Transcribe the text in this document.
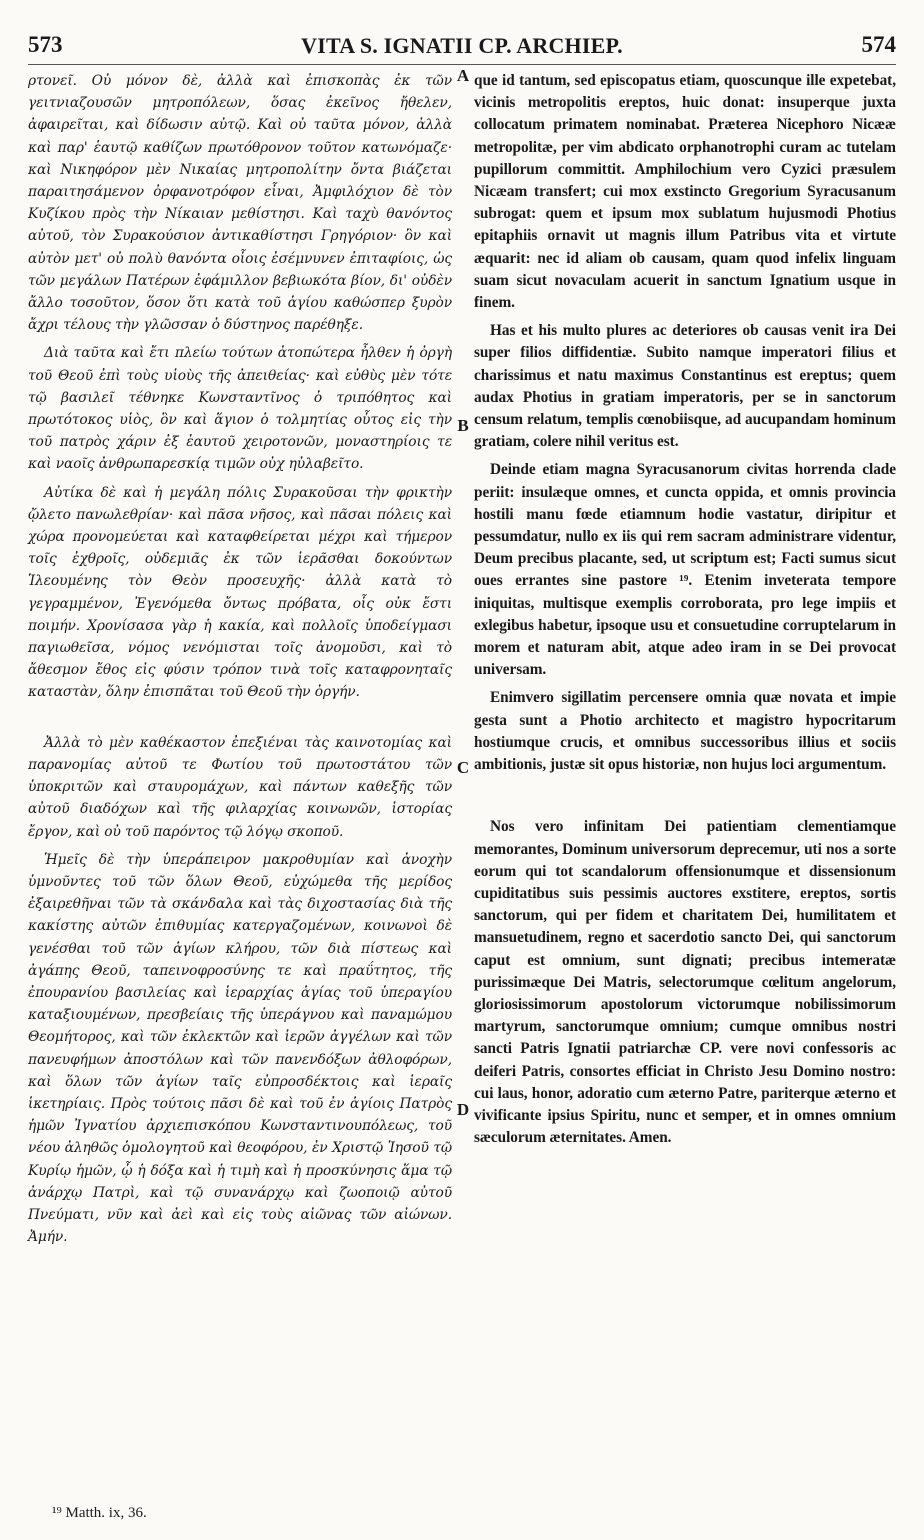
573	VITA S. IGNATII CP. ARCHIEP.	574

ρτονεῖ. Οὐ μόνον δὲ, ἀλλὰ καὶ ἐπισκοπὰς ἐκ τῶν γειτνιαζουσῶν μητροπόλεων, ὅσας ἐκεῖνος ἤθελεν, ἀφαιρεῖται, καὶ δίδωσιν αὐτῷ. Καὶ οὐ ταῦτα μόνον, ἀλλὰ καὶ παρ' ἑαυτῷ καθίζων πρωτόθρονον τοῦτον κατωνόμαζε· καὶ Νικηφόρον μὲν Νικαίας μητροπολίτην ὄντα βιάζεται παραιτησάμενον ὀρφανοτρόφον εἶναι, Ἀμφιλόχιον δὲ τὸν Κυζίκου πρὸς τὴν Νίκαιαν μεθίστησι. Καὶ ταχὺ θανόντος αὐτοῦ, τὸν Συρακούσιον ἀντικαθίστησι Γρηγόριον· ὃν καὶ αὐτὸν μετ' οὐ πολὺ θανόντα οἷοις ἐσέμνυνεν ἐπιταφίοις, ὡς τῶν μεγάλων Πατέρων ἐφάμιλλον βεβιωκότα βίον, δι' οὐδὲν ἄλλο τοσοῦτον, ὅσον ὅτι κατὰ τοῦ ἁγίου καθώσπερ ξυρὸν ἄχρι τέλους τὴν γλῶσσαν ὁ δύστηνος παρέθηξε.

Διὰ ταῦτα καὶ ἔτι πλείω τούτων ἀτοπώτερα ἦλθεν ἡ ὀργὴ τοῦ Θεοῦ ἐπὶ τοὺς υἱοὺς τῆς ἀπειθείας· καὶ εὐθὺς μὲν τότε τῷ βασιλεῖ τέθνηκε Κωνσταντῖνος ὁ τριπόθητος καὶ πρωτότοκος υἱὸς, ὃν καὶ ἅγιον ὁ τολμητίας οὗτος εἰς τὴν τοῦ πατρὸς χάριν ἐξ ἑαυτοῦ χειροτονῶν, μοναστηρίοις τε καὶ ναοῖς ἀνθρωπαρεσκίᾳ τιμῶν οὐχ ηὐλαβεῖτο.

Αὐτίκα δὲ καὶ ἡ μεγάλη πόλις Συρακοῦσαι τὴν φρικτὴν ᾤλετο πανωλεθρίαν· καὶ πᾶσα νῆσος, καὶ πᾶσαι πόλεις καὶ χώρα προνομεύεται καὶ καταφθείρεται μέχρι καὶ τήμερον τοῖς ἐχθροῖς, οὐδεμιᾶς ἐκ τῶν ἱερᾶσθαι δοκούντων Ἱλεουμένης τὸν Θεὸν προσευχῆς· ἀλλὰ κατὰ τὸ γεγραμμένον, Ἐγενόμεθα ὄντως πρόβατα, οἷς οὐκ ἔστι ποιμήν. Χρονίσασα γὰρ ἡ κακία, καὶ πολλοῖς ὑποδείγμασι παγιωθεῖσα, νόμος νενόμισται τοῖς ἀνομοῦσι, καὶ τὸ ἄθεσμον ἔθος εἰς φύσιν τρόπον τινὰ τοῖς καταφρονηταῖς καταστὰν, ὅλην ἐπισπᾶται τοῦ Θεοῦ τὴν ὀργήν.

Ἀλλὰ τὸ μὲν καθέκαστον ἐπεξιέναι τὰς καινοτομίας καὶ παρανομίας αὐτοῦ τε Φωτίου τοῦ πρωτοστάτου τῶν ὑποκριτῶν καὶ σταυρομάχων, καὶ πάντων καθεξῆς τῶν αὐτοῦ διαδόχων καὶ τῆς φιλαρχίας κοινωνῶν, ἱστορίας ἔργον, καὶ οὐ τοῦ παρόντος τῷ λόγῳ σκοποῦ.

Ἡμεῖς δὲ τὴν ὑπεράπειρον μακροθυμίαν καὶ ἀνοχὴν ὑμνοῦντες τοῦ τῶν ὅλων Θεοῦ, εὐχώμεθα τῆς μερίδος ἐξαιρεθῆναι τῶν τὰ σκάνδαλα καὶ τὰς διχοστασίας διὰ τῆς κακίστης αὐτῶν ἐπιθυμίας κατεργαζομένων, κοινωνοὶ δὲ γενέσθαι τοῦ τῶν ἁγίων κλήρου, τῶν διὰ πίστεως καὶ ἀγάπης Θεοῦ, ταπεινοφροσύνης τε καὶ πραΰτητος, τῆς ἐπουρανίου βασιλείας καὶ ἱεραρχίας ἁγίας τοῦ ὑπεραγίου καταξιουμένων, πρεσβείαις τῆς ὑπεράγνου καὶ παναμώμου Θεομήτορος, καὶ τῶν ἐκλεκτῶν καὶ ἱερῶν ἀγγέλων καὶ τῶν πανευφήμων ἀποστόλων καὶ τῶν πανενδόξων ἀθλοφόρων, καὶ ὅλων τῶν ἁγίων ταῖς εὐπροσδέκτοις καὶ ἱεραῖς ἱκετηρίαις. Πρὸς τούτοις πᾶσι δὲ καὶ τοῦ ἐν ἁγίοις Πατρὸς ἡμῶν Ἰγνατίου ἀρχιεπισκόπου Κωνσταντινουπόλεως, τοῦ νέου ἀληθῶς ὁμολογητοῦ καὶ θεοφόρου, ἐν Χριστῷ Ἰησοῦ τῷ Κυρίῳ ἡμῶν, ᾧ ἡ δόξα καὶ ἡ τιμὴ καὶ ἡ προσκύνησις ἅμα τῷ ἀνάρχῳ Πατρὶ, καὶ τῷ συνανάρχῳ καὶ ζωοποιῷ αὐτοῦ Πνεύματι, νῦν καὶ ἀεὶ καὶ εἰς τοὺς αἰῶνας τῶν αἰώνων. Ἀμήν.

A
B
C
D

que id tantum, sed episcopatus etiam, quoscunque ille expetebat, vicinis metropolitis ereptos, huic donat: insuperque juxta collocatum primatem nominabat. Præterea Nicephoro Nicææ metropolitæ, per vim abdicato orphanotrophi curam ac tutelam pupillorum committit. Amphilochium vero Cyzici præsulem Nicæam transfert; cui mox exstincto Gregorium Syracusanum subrogat: quem et ipsum mox sublatum hujusmodi Photius epitaphiis ornavit ut magnis illum Patribus vita et virtute æquarit: nec id aliam ob causam, quam quod infelix linguam suam sicut novaculam acuerit in sanctum Ignatium usque in finem.

Has et his multo plures ac deteriores ob causas venit ira Dei super filios diffidentiæ. Subito namque imperatori filius et charissimus et natu maximus Constantinus est ereptus; quem audax Photius in gratiam imperatoris, per se in sanctorum censum relatum, templis cœnobiisque, ad aucupandam hominum gratiam, colere nihil veritus est.

Deinde etiam magna Syracusanorum civitas horrenda clade periit: insulæque omnes, et cuncta oppida, et omnis provincia hostili manu fœde etiamnum hodie vastatur, diripitur et pessumdatur, nullo ex iis qui rem sacram administrare videntur, Deum precibus placante, sed, ut scriptum est; Facti sumus sicut oues errantes sine pastore ¹⁹. Etenim inveterata tempore iniquitas, multisque exemplis corroborata, pro lege impiis et exlegibus habetur, ipsoque usu et consuetudine corruptelarum in morem et naturam abit, atque adeo iram in se Dei provocat universam.

Enimvero sigillatim percensere omnia quæ novata et impie gesta sunt a Photio architecto et magistro hypocritarum hostiumque crucis, et omnibus successoribus illius et sociis ambitionis, justæ sit opus historiæ, non hujus loci argumentum.

Nos vero infinitam Dei patientiam clementiamque memorantes, Dominum universorum deprecemur, uti nos a sorte eorum qui tot scandalorum offensionumque et dissensionum cupiditatibus suis pessimis auctores exstitere, ereptos, sortis sanctorum, qui per fidem et charitatem Dei, humilitatem et mansuetudinem, regno et sacerdotio sancto Dei, qui sanctorum caput est omnium, sunt dignati; precibus intemeratæ purissimæque Dei Matris, selectorumque cœlitum angelorum, gloriosissimorum apostolorum victorumque nobilissimorum martyrum, sanctorumque omnium; cumque omnibus nostri sancti Patris Ignatii patriarchæ CP. vere novi confessoris ac deiferi Patris, consortes efficiat in Christo Jesu Domino nostro: cui laus, honor, adoratio cum æterno Patre, pariterque æterno et vivificante ipsius Spiritu, nunc et semper, et in omnes omnium sæculorum æternitates. Amen.

¹⁹ Matth. ix, 36.
